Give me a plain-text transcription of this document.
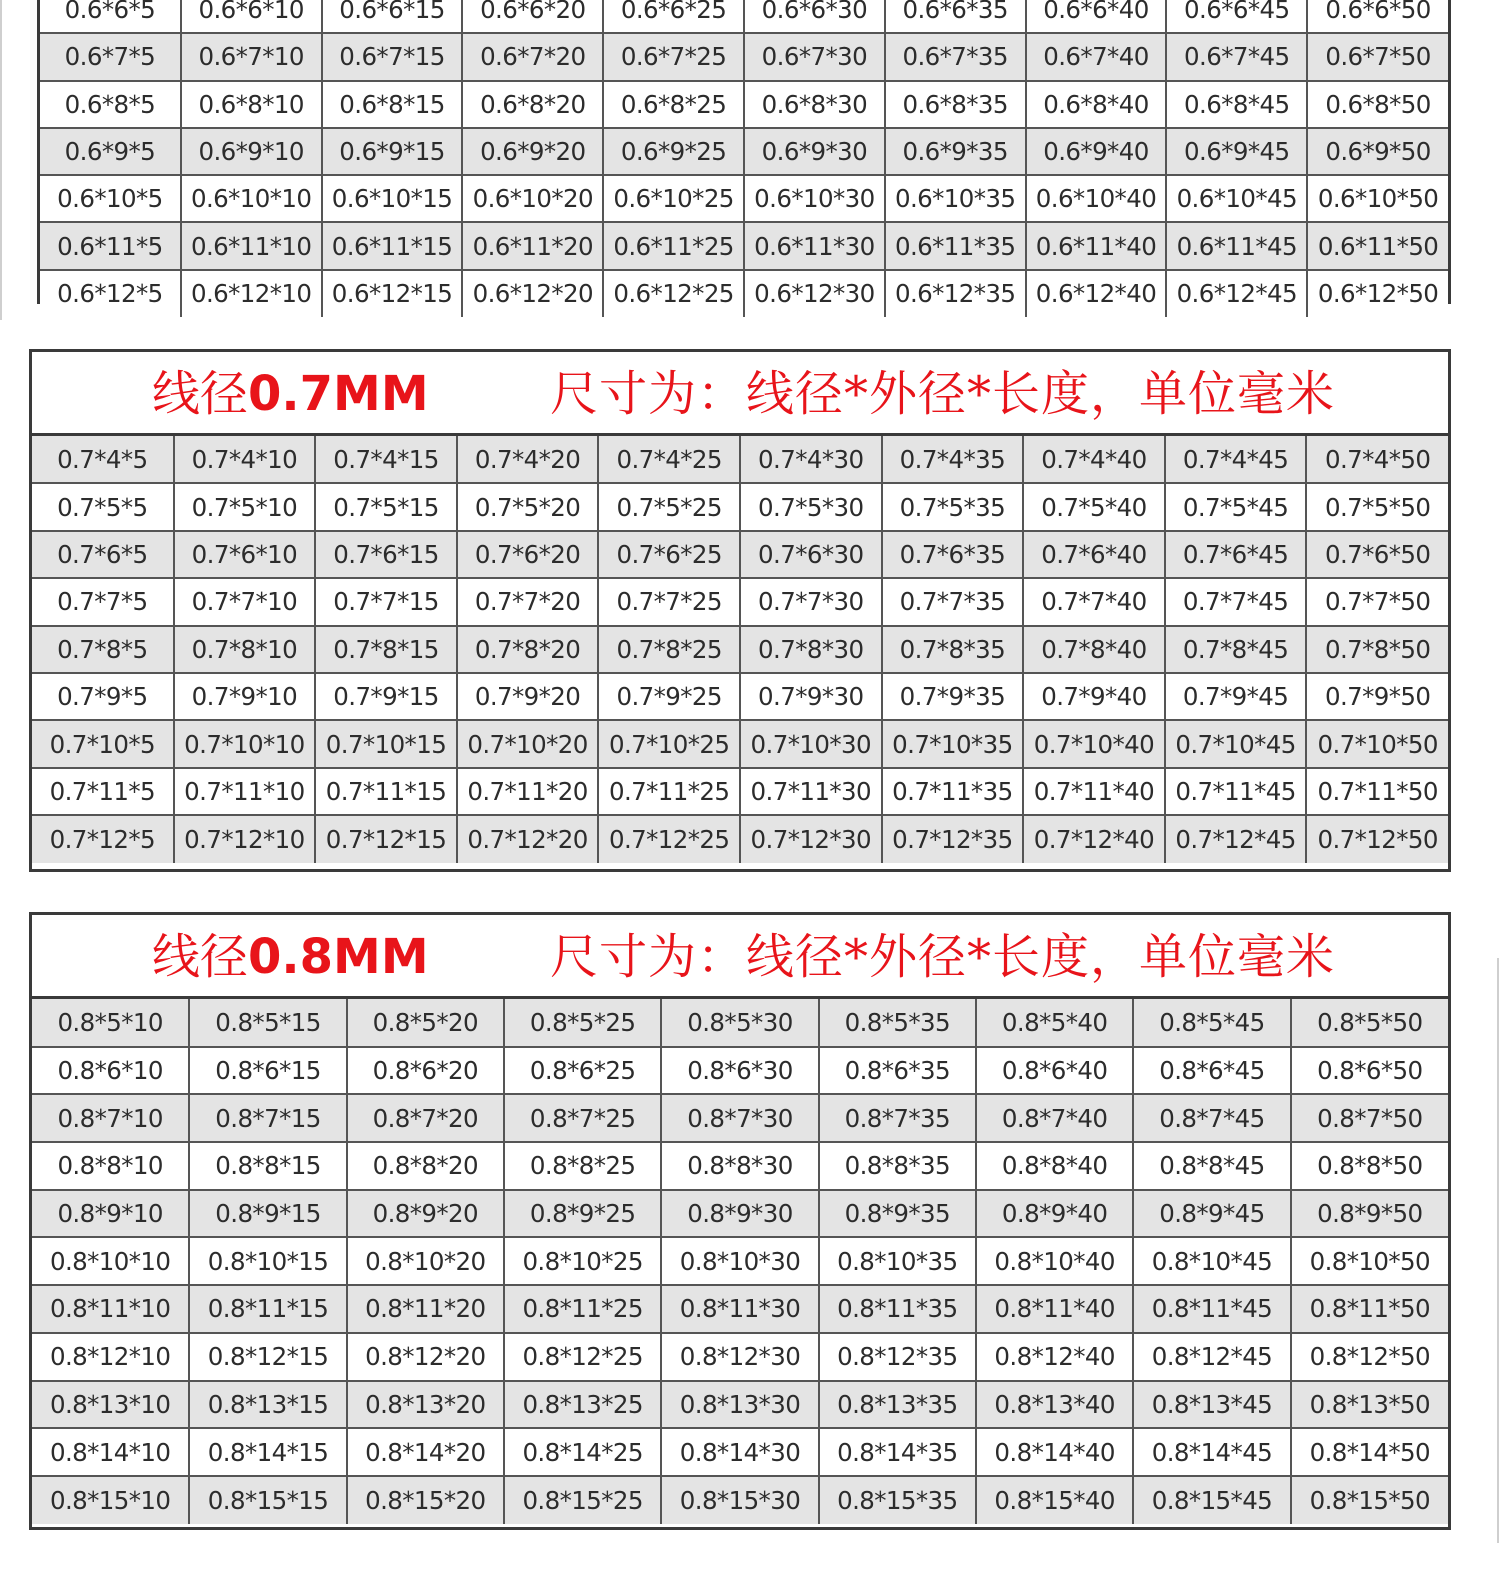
0.6*6*5	0.6*6*10	0.6*6*15	0.6*6*20	0.6*6*25	0.6*6*30	0.6*6*35	0.6*6*40	0.6*6*45	0.6*6*50
0.6*7*5	0.6*7*10	0.6*7*15	0.6*7*20	0.6*7*25	0.6*7*30	0.6*7*35	0.6*7*40	0.6*7*45	0.6*7*50
0.6*8*5	0.6*8*10	0.6*8*15	0.6*8*20	0.6*8*25	0.6*8*30	0.6*8*35	0.6*8*40	0.6*8*45	0.6*8*50
0.6*9*5	0.6*9*10	0.6*9*15	0.6*9*20	0.6*9*25	0.6*9*30	0.6*9*35	0.6*9*40	0.6*9*45	0.6*9*50
0.6*10*5	0.6*10*10	0.6*10*15	0.6*10*20	0.6*10*25	0.6*10*30	0.6*10*35	0.6*10*40	0.6*10*45	0.6*10*50
0.6*11*5	0.6*11*10	0.6*11*15	0.6*11*20	0.6*11*25	0.6*11*30	0.6*11*35	0.6*11*40	0.6*11*45	0.6*11*50
0.6*12*5	0.6*12*10	0.6*12*15	0.6*12*20	0.6*12*25	0.6*12*30	0.6*12*35	0.6*12*40	0.6*12*45	0.6*12*50
线径0.7MM	尺寸为：线径*外径*长度，单位毫米
0.7*4*5	0.7*4*10	0.7*4*15	0.7*4*20	0.7*4*25	0.7*4*30	0.7*4*35	0.7*4*40	0.7*4*45	0.7*4*50
0.7*5*5	0.7*5*10	0.7*5*15	0.7*5*20	0.7*5*25	0.7*5*30	0.7*5*35	0.7*5*40	0.7*5*45	0.7*5*50
0.7*6*5	0.7*6*10	0.7*6*15	0.7*6*20	0.7*6*25	0.7*6*30	0.7*6*35	0.7*6*40	0.7*6*45	0.7*6*50
0.7*7*5	0.7*7*10	0.7*7*15	0.7*7*20	0.7*7*25	0.7*7*30	0.7*7*35	0.7*7*40	0.7*7*45	0.7*7*50
0.7*8*5	0.7*8*10	0.7*8*15	0.7*8*20	0.7*8*25	0.7*8*30	0.7*8*35	0.7*8*40	0.7*8*45	0.7*8*50
0.7*9*5	0.7*9*10	0.7*9*15	0.7*9*20	0.7*9*25	0.7*9*30	0.7*9*35	0.7*9*40	0.7*9*45	0.7*9*50
0.7*10*5	0.7*10*10	0.7*10*15	0.7*10*20	0.7*10*25	0.7*10*30	0.7*10*35	0.7*10*40	0.7*10*45	0.7*10*50
0.7*11*5	0.7*11*10	0.7*11*15	0.7*11*20	0.7*11*25	0.7*11*30	0.7*11*35	0.7*11*40	0.7*11*45	0.7*11*50
0.7*12*5	0.7*12*10	0.7*12*15	0.7*12*20	0.7*12*25	0.7*12*30	0.7*12*35	0.7*12*40	0.7*12*45	0.7*12*50
线径0.8MM	尺寸为：线径*外径*长度，单位毫米
0.8*5*10	0.8*5*15	0.8*5*20	0.8*5*25	0.8*5*30	0.8*5*35	0.8*5*40	0.8*5*45	0.8*5*50
0.8*6*10	0.8*6*15	0.8*6*20	0.8*6*25	0.8*6*30	0.8*6*35	0.8*6*40	0.8*6*45	0.8*6*50
0.8*7*10	0.8*7*15	0.8*7*20	0.8*7*25	0.8*7*30	0.8*7*35	0.8*7*40	0.8*7*45	0.8*7*50
0.8*8*10	0.8*8*15	0.8*8*20	0.8*8*25	0.8*8*30	0.8*8*35	0.8*8*40	0.8*8*45	0.8*8*50
0.8*9*10	0.8*9*15	0.8*9*20	0.8*9*25	0.8*9*30	0.8*9*35	0.8*9*40	0.8*9*45	0.8*9*50
0.8*10*10	0.8*10*15	0.8*10*20	0.8*10*25	0.8*10*30	0.8*10*35	0.8*10*40	0.8*10*45	0.8*10*50
0.8*11*10	0.8*11*15	0.8*11*20	0.8*11*25	0.8*11*30	0.8*11*35	0.8*11*40	0.8*11*45	0.8*11*50
0.8*12*10	0.8*12*15	0.8*12*20	0.8*12*25	0.8*12*30	0.8*12*35	0.8*12*40	0.8*12*45	0.8*12*50
0.8*13*10	0.8*13*15	0.8*13*20	0.8*13*25	0.8*13*30	0.8*13*35	0.8*13*40	0.8*13*45	0.8*13*50
0.8*14*10	0.8*14*15	0.8*14*20	0.8*14*25	0.8*14*30	0.8*14*35	0.8*14*40	0.8*14*45	0.8*14*50
0.8*15*10	0.8*15*15	0.8*15*20	0.8*15*25	0.8*15*30	0.8*15*35	0.8*15*40	0.8*15*45	0.8*15*50
